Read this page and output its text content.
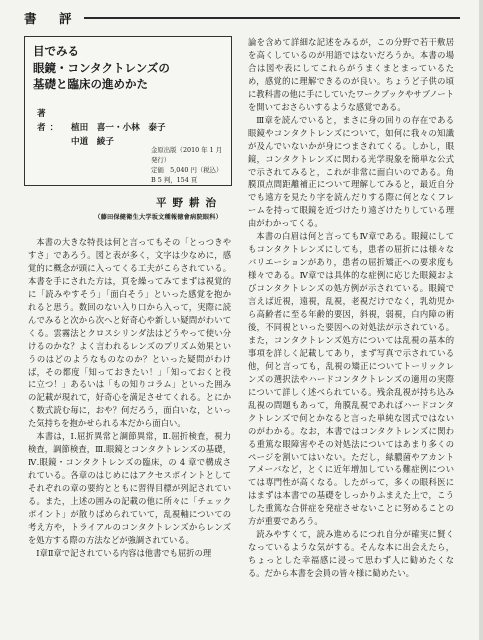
書　評
目でみる
眼鏡・コンタクトレンズの
基礎と臨床の進めかた
著　者： 植田　喜一・小林　泰子
中道　綾子
金原出版（2010 年 1 月発行）
定価　5,040 円（税込）
B 5 判，154 頁
平野耕治
（藤田保健衛生大学坂文種報徳會病院眼科）

本書の大きな特長は何と言ってもその「とっつきやすさ」であろう。図と表が多く，文字は少なめに，感覚的に概念が頭に入ってくる工夫がこらされている。本書を手にされた方は，頁を繰ってみてまずは視覚的に「読みやすそう」「面白そう」といった感覚を抱かれると思う。数回のない入り口から入って，実際に読んでみると次から次へと好奇心や新しい疑問がわいてくる。雲霧法とクロスシリンダ法はどうやって使い分けるのかな？よく言われるレンズのプリズム効果というのはどのようなものなのか？といった疑問がわけば，その都度「知っておきたい！」「知っておくと役に立つ！」あるいは「もの知りコラム」といった囲みの記載が現れて，好奇心を満足させてくれる。とにかく数式読む毎に，おや？何だろう，面白いな，といった気持ちを抱かせられる本だから面白い。

本書は，Ⅰ.屈折異常と調節異常，Ⅱ.屈折検査，視力検査，調節検査，Ⅲ.眼鏡とコンタクトレンズの基礎，Ⅳ.眼鏡・コンタクトレンズの臨床，の 4 章で構成されている。各章のはじめにはアクセスポイントとしてそれぞれの章の要約とともに習得目標が列記されている。また，上述の囲みの記載の他に所々に「チェックポイント」が散りばめられていて，乱視軸についての考え方や，トライアルのコンタクトレンズからレンズを処方する際の方法などが強調されている。

Ⅰ章Ⅱ章で記されている内容は他書でも屈折の理

論を含めて詳細な記述をみるが，この分野で若干敷居を高くしているのが用語ではないだろうか。本書の場合は図や表にしてこれらがうまくまとまっているため，感覚的に理解できるのが良い。ちょうど子供の頃に教科書の他に手にしていたワークブックやサブノートを開いておさらいするような感覚である。

Ⅲ章を読んでいると，まさに身の回りの存在である眼鏡やコンタクトレンズについて，如何に我々の知識が及んでいないかが身につまされてくる。しかし，眼鏡，コンタクトレンズに関わる光学現象を簡単な公式で示されてみると，これが非常に面白いのである。角膜頂点間距離補正について理解してみると，最近自分でも遠方を見たり字を読んだりする際に何となくフレームを持って眼鏡を近づけたり遠ざけたりしている理由がわかってくる。

本書の白眉は何と言ってもⅣ章である。眼鏡にしてもコンタクトレンズにしても，患者の屈折には様々なバリエーションがあり，患者の屈折矯正への要求度も様々である。Ⅳ章では具体的な症例に応じた眼鏡およびコンタクトレンズの処方例が示されている。眼鏡で言えば近視，遠視，乱視，老視だけでなく，乳幼児から高齢者に至る年齢的要因，斜視，弱視，白内障の術後，不同視といった要因への対処法が示されている。また，コンタクトレンズ処方については乱視の基本的事項を詳しく記載してあり，まず写真で示されている他，何と言っても，乱視の矯正についてトーリックレンズの選択法やハードコンタクトレンズの適用の実際について詳しく述べられている。残余乱視が持ち込み乱視の問題もあって，角膜乱視であればハードコンタクトレンズで何とかなると言った単純な図式ではないのがわかる。なお，本書ではコンタクトレンズに関わる重篤な眼障害やその対処法についてはあまり多くのページを割いてはいない。ただし，緑膿菌やアカントアメーバなど，とくに近年増加している難症例については専門性が高くなる。したがって，多くの眼科医にはまずは本書での基礎をしっかりふまえた上で，こうした重篤な合併症を発症させないことに努めることの方が重要であろう。

読みやすくて，読み進めるにつれ自分が確実に賢くなっているような気がする。そんな本に出会えたら，ちょっとした幸福感に浸って思わず人に勧めたくなる。だから本書を会員の皆々様に勧めたい。
